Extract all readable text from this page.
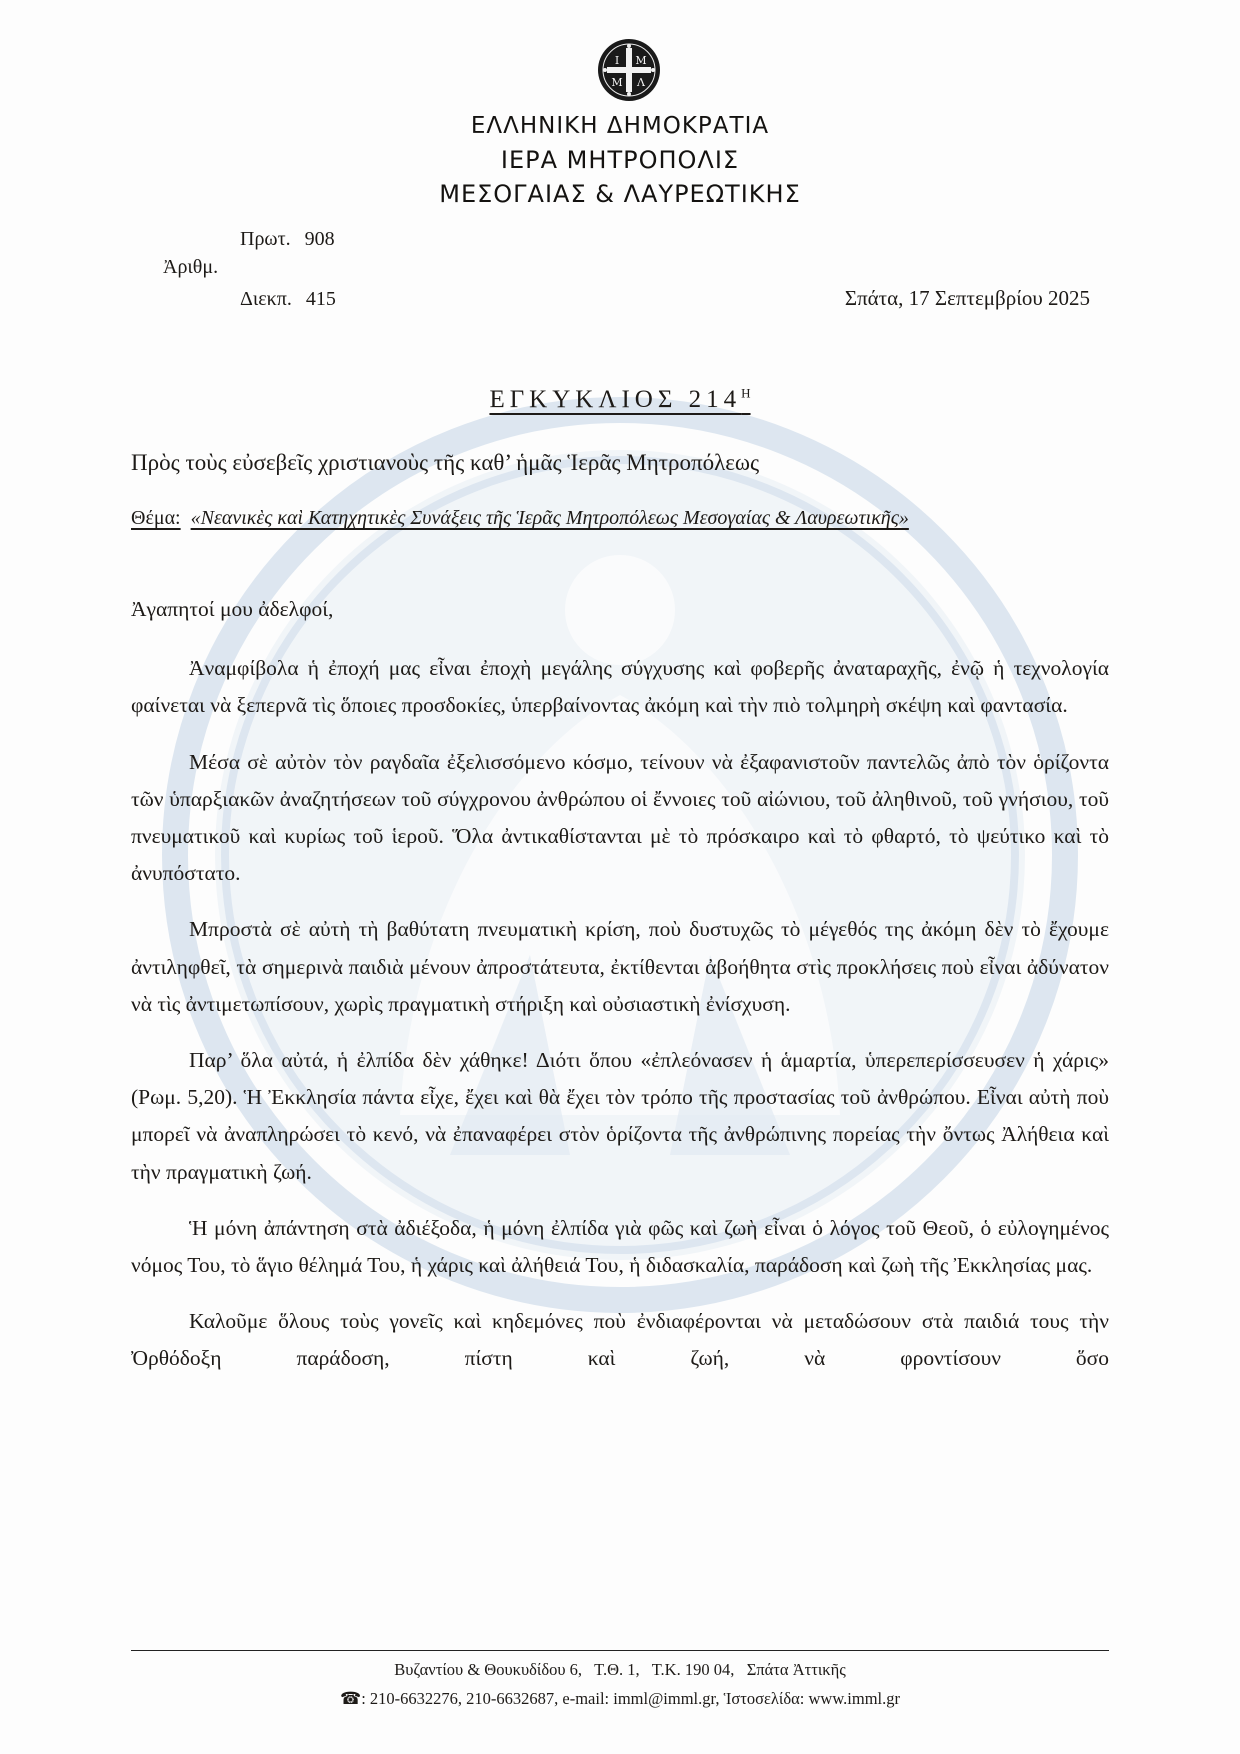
Ι Μ
Μ Λ
ΕΛΛΗΝΙΚΗ ΔΗΜΟΚΡΑΤΙΑ
ΙΕΡΑ ΜΗΤΡΟΠΟΛΙΣ
ΜΕΣΟΓΑΙΑΣ & ΛΑΥΡΕΩΤΙΚΗΣ
Πρωτ. 908
Ἀριθμ.
Διεκπ. 415	Σπάτα, 17 Σεπτεμβρίου 2025
ΕΓΚΥΚΛΙΟΣ $214^H$
Πρὸς τοὺς εὐσεβεῖς χριστιανοὺς τῆς καθ’ ἡμᾶς Ἱερᾶς Μητροπόλεως
Θέμα: «Νεανικὲς καὶ Κατηχητικὲς Συνάξεις τῆς Ἱερᾶς Μητροπόλεως Μεσογαίας & Λαυρεωτικῆς»

Ἀγαπητοί μου ἀδελφοί,

Ἀναμφίβολα ἡ ἐποχή μας εἶναι ἐποχὴ μεγάλης σύγχυσης καὶ φοβερῆς ἀναταραχῆς, ἐνῷ ἡ τεχνολογία φαίνεται νὰ ξεπερνᾶ τὶς ὅποιες προσδοκίες, ὑπερβαίνοντας ἀκόμη καὶ τὴν πιὸ τολμηρὴ σκέψη καὶ φαντασία.

Μέσα σὲ αὐτὸν τὸν ραγδαῖα ἐξελισσόμενο κόσμο, τείνουν νὰ ἐξαφανιστοῦν παντελῶς ἀπὸ τὸν ὁρίζοντα τῶν ὑπαρξιακῶν ἀναζητήσεων τοῦ σύγχρονου ἀνθρώπου οἱ ἔννοιες τοῦ αἰώνιου, τοῦ ἀληθινοῦ, τοῦ γνήσιου, τοῦ πνευματικοῦ καὶ κυρίως τοῦ ἱεροῦ. Ὅλα ἀντικαθίστανται μὲ τὸ πρόσκαιρο καὶ τὸ φθαρτό, τὸ ψεύτικο καὶ τὸ ἀνυπόστατο.

Μπροστὰ σὲ αὐτὴ τὴ βαθύτατη πνευματικὴ κρίση, ποὺ δυστυχῶς τὸ μέγεθός της ἀκόμη δὲν τὸ ἔχουμε ἀντιληφθεῖ, τὰ σημερινὰ παιδιὰ μένουν ἀπροστάτευτα, ἐκτίθενται ἀβοήθητα στὶς προκλήσεις ποὺ εἶναι ἀδύνατον νὰ τὶς ἀντιμετωπίσουν, χωρὶς πραγματικὴ στήριξη καὶ οὐσιαστικὴ ἐνίσχυση.

Παρ’ ὅλα αὐτά, ἡ ἐλπίδα δὲν χάθηκε! Διότι ὅπου «ἐπλεόνασεν ἡ ἁμαρτία, ὑπερεπερίσσευσεν ἡ χάρις» (Ρωμ. 5,20). Ἡ Ἐκκλησία πάντα εἶχε, ἔχει καὶ θὰ ἔχει τὸν τρόπο τῆς προστασίας τοῦ ἀνθρώπου. Εἶναι αὐτὴ ποὺ μπορεῖ νὰ ἀναπληρώσει τὸ κενό, νὰ ἐπαναφέρει στὸν ὁρίζοντα τῆς ἀνθρώπινης πορείας τὴν ὄντως Ἀλήθεια καὶ τὴν πραγματικὴ ζωή.

Ἡ μόνη ἀπάντηση στὰ ἀδιέξοδα, ἡ μόνη ἐλπίδα γιὰ φῶς καὶ ζωὴ εἶναι ὁ λόγος τοῦ Θεοῦ, ὁ εὐλογημένος νόμος Του, τὸ ἅγιο θέλημά Του, ἡ χάρις καὶ ἀλήθειά Του, ἡ διδασκαλία, παράδοση καὶ ζωὴ τῆς Ἐκκλησίας μας.

Καλοῦμε ὅλους τοὺς γονεῖς καὶ κηδεμόνες ποὺ ἐνδιαφέρονται νὰ μεταδώσουν στὰ παιδιά τους τὴν Ὀρθόδοξη παράδοση, πίστη καὶ ζωή, νὰ φροντίσουν ὅσο

Βυζαντίου & Θουκυδίδου 6,   Τ.Θ. 1,   Τ.Κ. 190 04,   Σπάτα Ἀττικῆς
☎: 210-6632276, 210-6632687, e-mail: imml@imml.gr, Ἱστοσελίδα: www.imml.gr
